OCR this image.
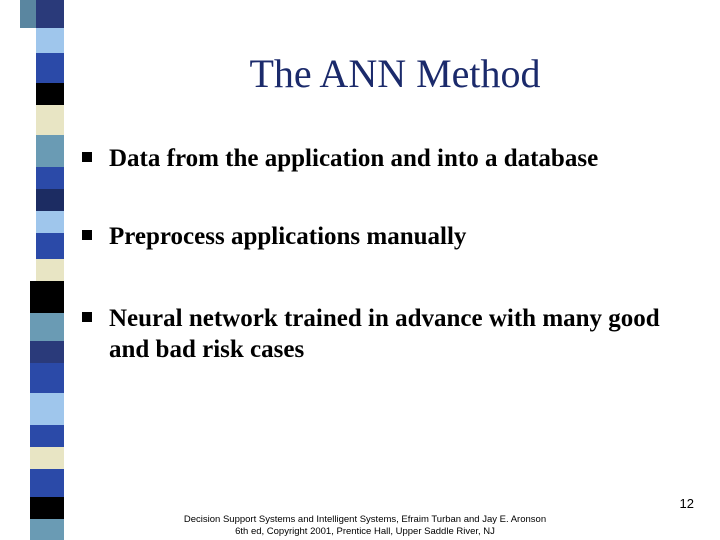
The ANN Method
Data from the application and into a database
Preprocess applications manually
Neural network trained in advance with many good and bad risk cases
12
Decision Support Systems and Intelligent Systems, Efraim Turban and Jay E. Aronson
6th ed, Copyright 2001, Prentice Hall, Upper Saddle River, NJ
